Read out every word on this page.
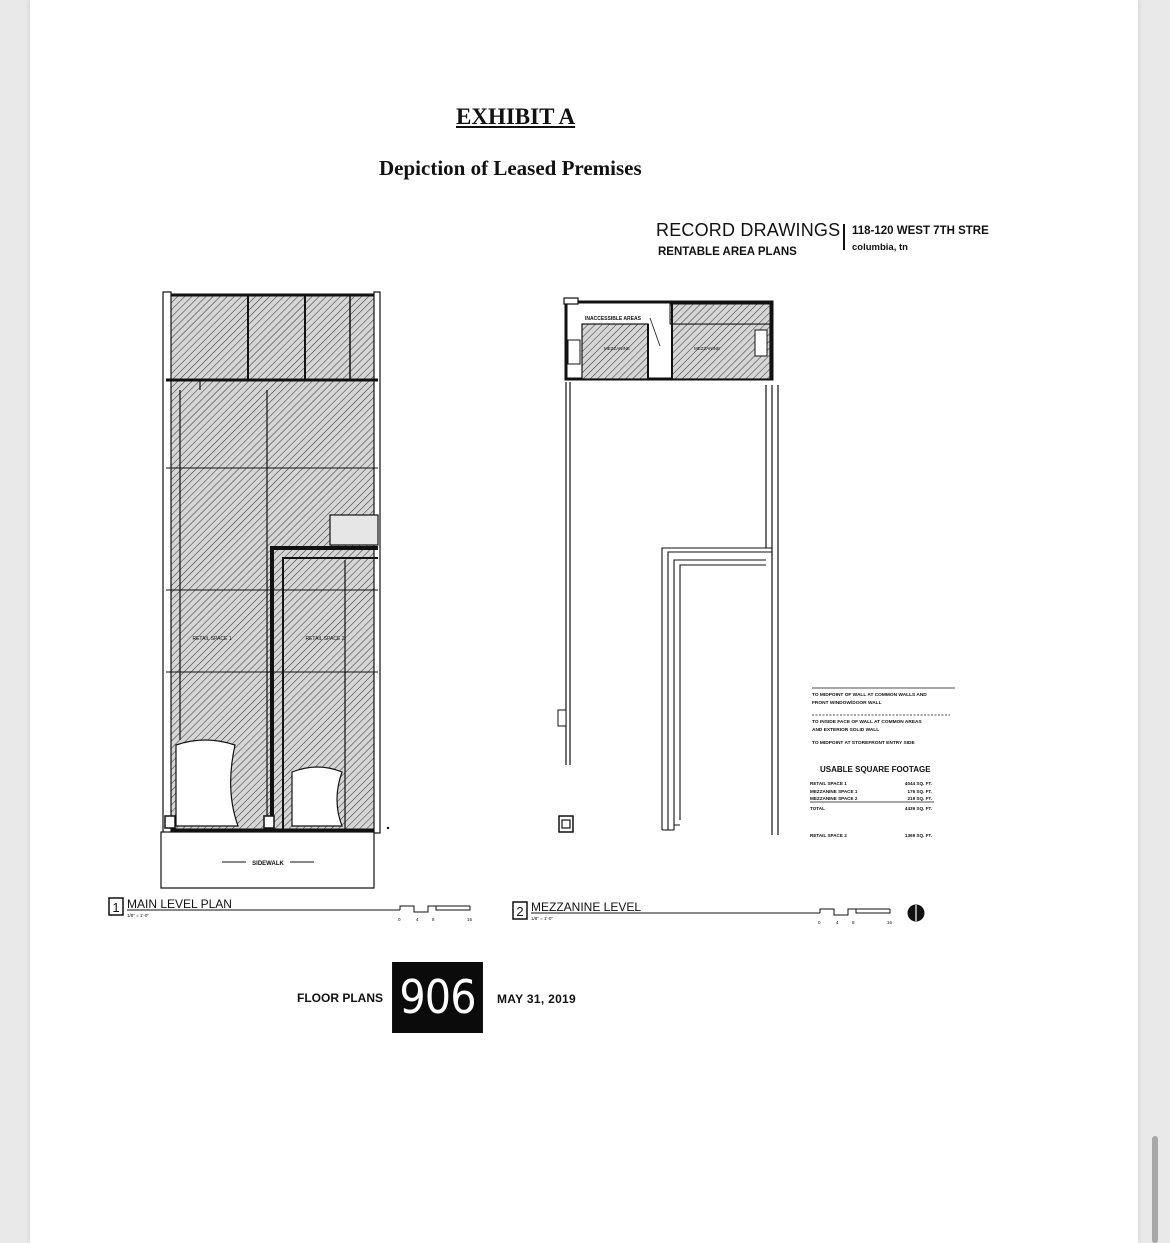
EXHIBIT A
Depiction of Leased Premises
RECORD DRAWINGS
RENTABLE AREA PLANS
118-120 WEST 7TH STRE
columbia, tn
SIDEWALK
RETAIL SPACE 1	RETAIL SPACE 2
1 MAIN LEVEL PLAN
1/8" = 1'-0"
0	4	8	16
INACCESSIBLE AREAS
MEZZANINE	MEZZANINE
2 MEZZANINE LEVEL
1/8" = 1'-0"
0	4	8	16
TO MIDPOINT OF WALL AT COMMON WALLS AND
FRONT WINDOW/DOOR WALL
TO INSIDE FACE OF WALL AT COMMON AREAS
AND EXTERIOR SOLID WALL
TO MIDPOINT AT STOREFRONT ENTRY SIDE
USABLE SQUARE FOOTAGE
RETAIL SPACE 1	4044 SQ. FT.
MEZZANINE SPACE 1	176 SQ. FT.
MEZZANINE SPACE 2	219 SQ. FT.
TOTAL	4439 SQ. FT.
RETAIL SPACE 2	1369 SQ. FT.
FLOOR PLANS 906	MAY 31, 2019
